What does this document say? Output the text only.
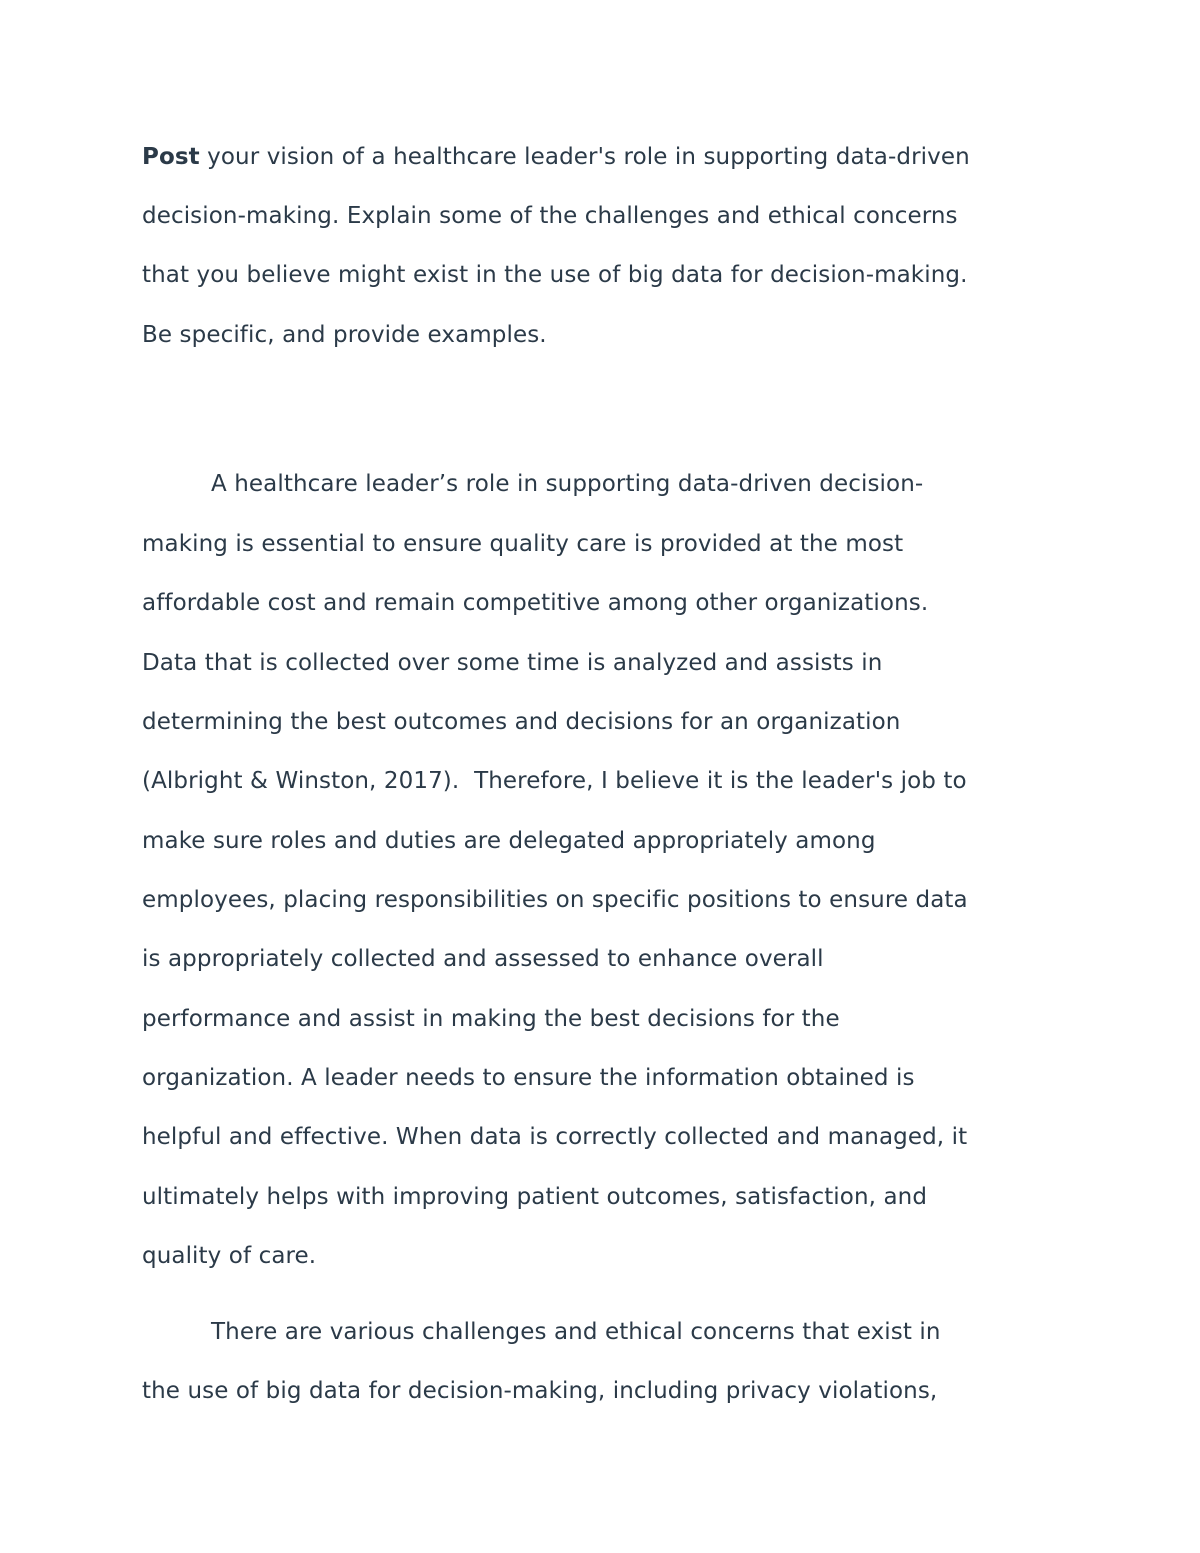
Post your vision of a healthcare leader's role in supporting data-driven
decision-making. Explain some of the challenges and ethical concerns
that you believe might exist in the use of big data for decision-making.
Be specific, and provide examples.
A healthcare leader’s role in supporting data-driven decision-
making is essential to ensure quality care is provided at the most
affordable cost and remain competitive among other organizations.
Data that is collected over some time is analyzed and assists in
determining the best outcomes and decisions for an organization
(Albright & Winston, 2017).  Therefore, I believe it is the leader's job to
make sure roles and duties are delegated appropriately among
employees, placing responsibilities on specific positions to ensure data
is appropriately collected and assessed to enhance overall
performance and assist in making the best decisions for the
organization. A leader needs to ensure the information obtained is
helpful and effective. When data is correctly collected and managed, it
ultimately helps with improving patient outcomes, satisfaction, and
quality of care.
There are various challenges and ethical concerns that exist in
the use of big data for decision-making, including privacy violations,
